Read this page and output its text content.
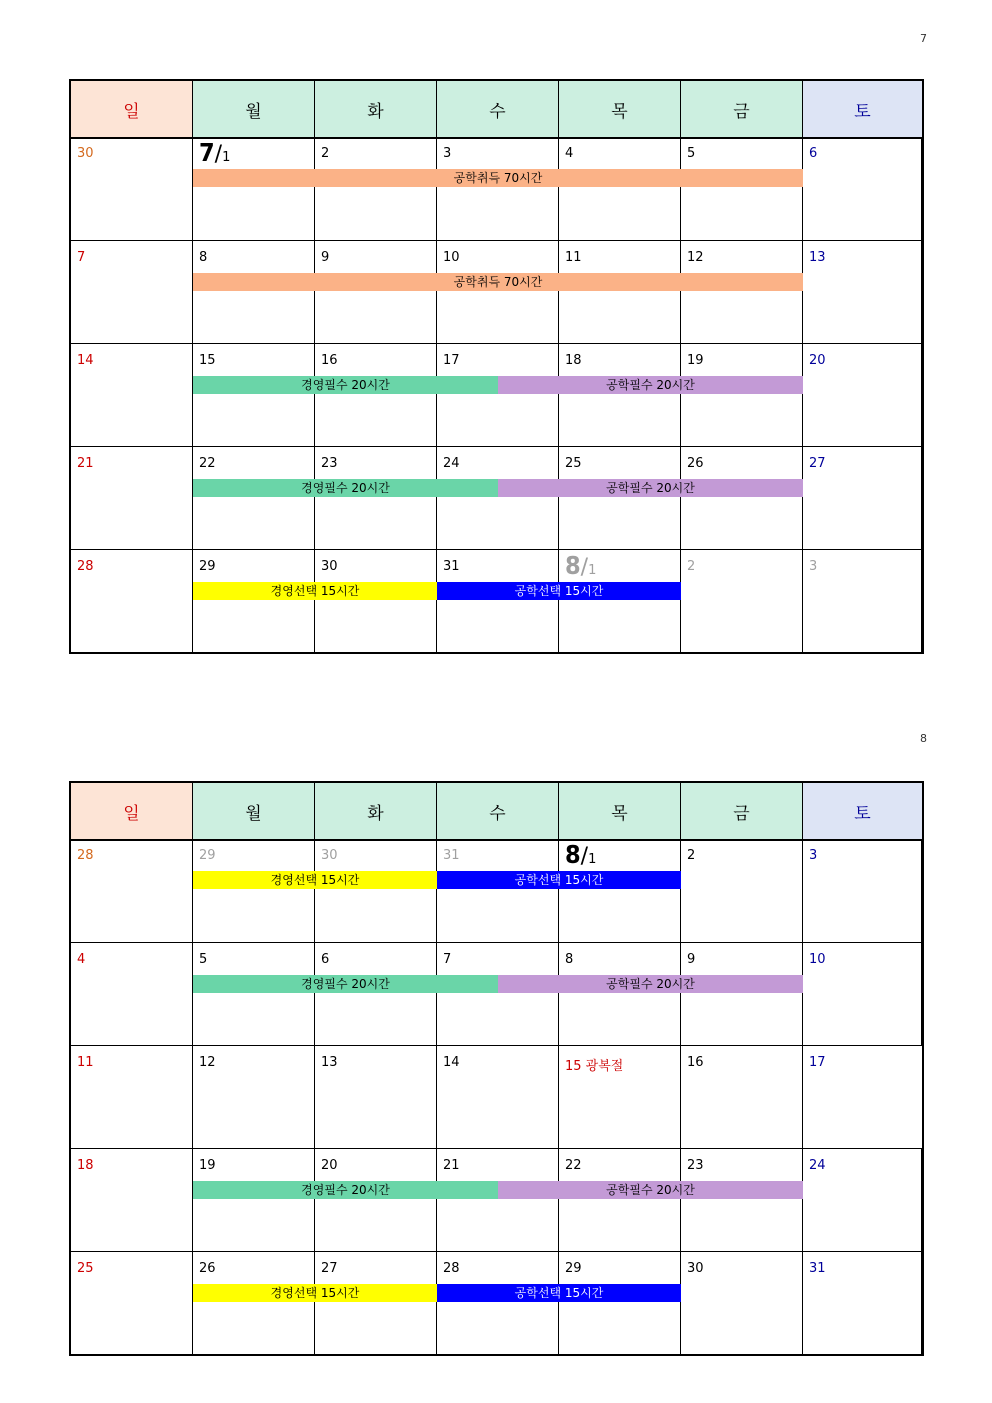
7
일	월	화	수	목	금	토
30	7/1	2	3	4	5	6
공학취득 70시간
7	8	9	10	11	12	13
공학취득 70시간
14	15	16	17	18	19	20
경영필수 20시간	공학필수 20시간
21	22	23	24	25	26	27
경영필수 20시간	공학필수 20시간
28	29	30	31	8/1	2	3
경영선택 15시간	공학선택 15시간
8
일	월	화	수	목	금	토
28	29	30	31	8/1	2	3
경영선택 15시간	공학선택 15시간
4	5	6	7	8	9	10
경영필수 20시간	공학필수 20시간
11	12	13	14	15 광복절	16	17
18	19	20	21	22	23	24
경영필수 20시간	공학필수 20시간
25	26	27	28	29	30	31
경영선택 15시간	공학선택 15시간
